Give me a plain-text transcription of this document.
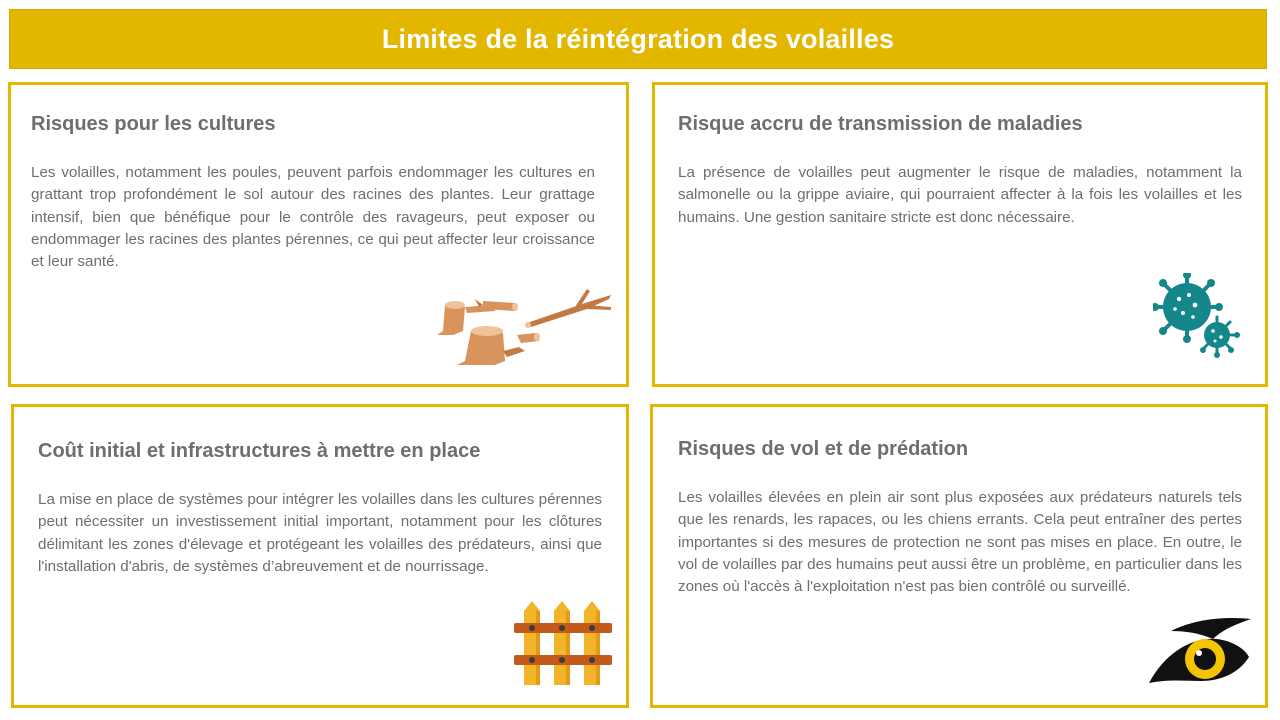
Limites de la réintégration des volailles
Risques pour les cultures

Les volailles, notamment les poules, peuvent parfois endommager les cultures en grattant trop profondément le sol autour des racines des plantes. Leur grattage intensif, bien que bénéfique pour le contrôle des ravageurs, peut exposer ou endommager les racines des plantes pérennes, ce qui peut affecter leur croissance et leur santé.

Risque accru de transmission de maladies

La présence de volailles peut augmenter le risque de maladies, notamment la salmonelle ou la grippe aviaire, qui pourraient affecter à la fois les volailles et les humains. Une gestion sanitaire stricte est donc nécessaire.

Coût initial et infrastructures à mettre en place

La mise en place de systèmes pour intégrer les volailles dans les cultures pérennes peut nécessiter un investissement initial important, notamment pour les clôtures délimitant les zones d'élevage et protégeant les volailles des prédateurs, ainsi que l'installation d'abris, de systèmes d’abreuvement et de nourrissage.

Risques de vol et de prédation

Les volailles élevées en plein air sont plus exposées aux prédateurs naturels tels que les renards, les rapaces, ou les chiens errants. Cela peut entraîner des pertes importantes si des mesures de protection ne sont pas mises en place. En outre, le vol de volailles par des humains peut aussi être un problème, en particulier dans les zones où l'accès à l'exploitation n'est pas bien contrôlé ou surveillé.
